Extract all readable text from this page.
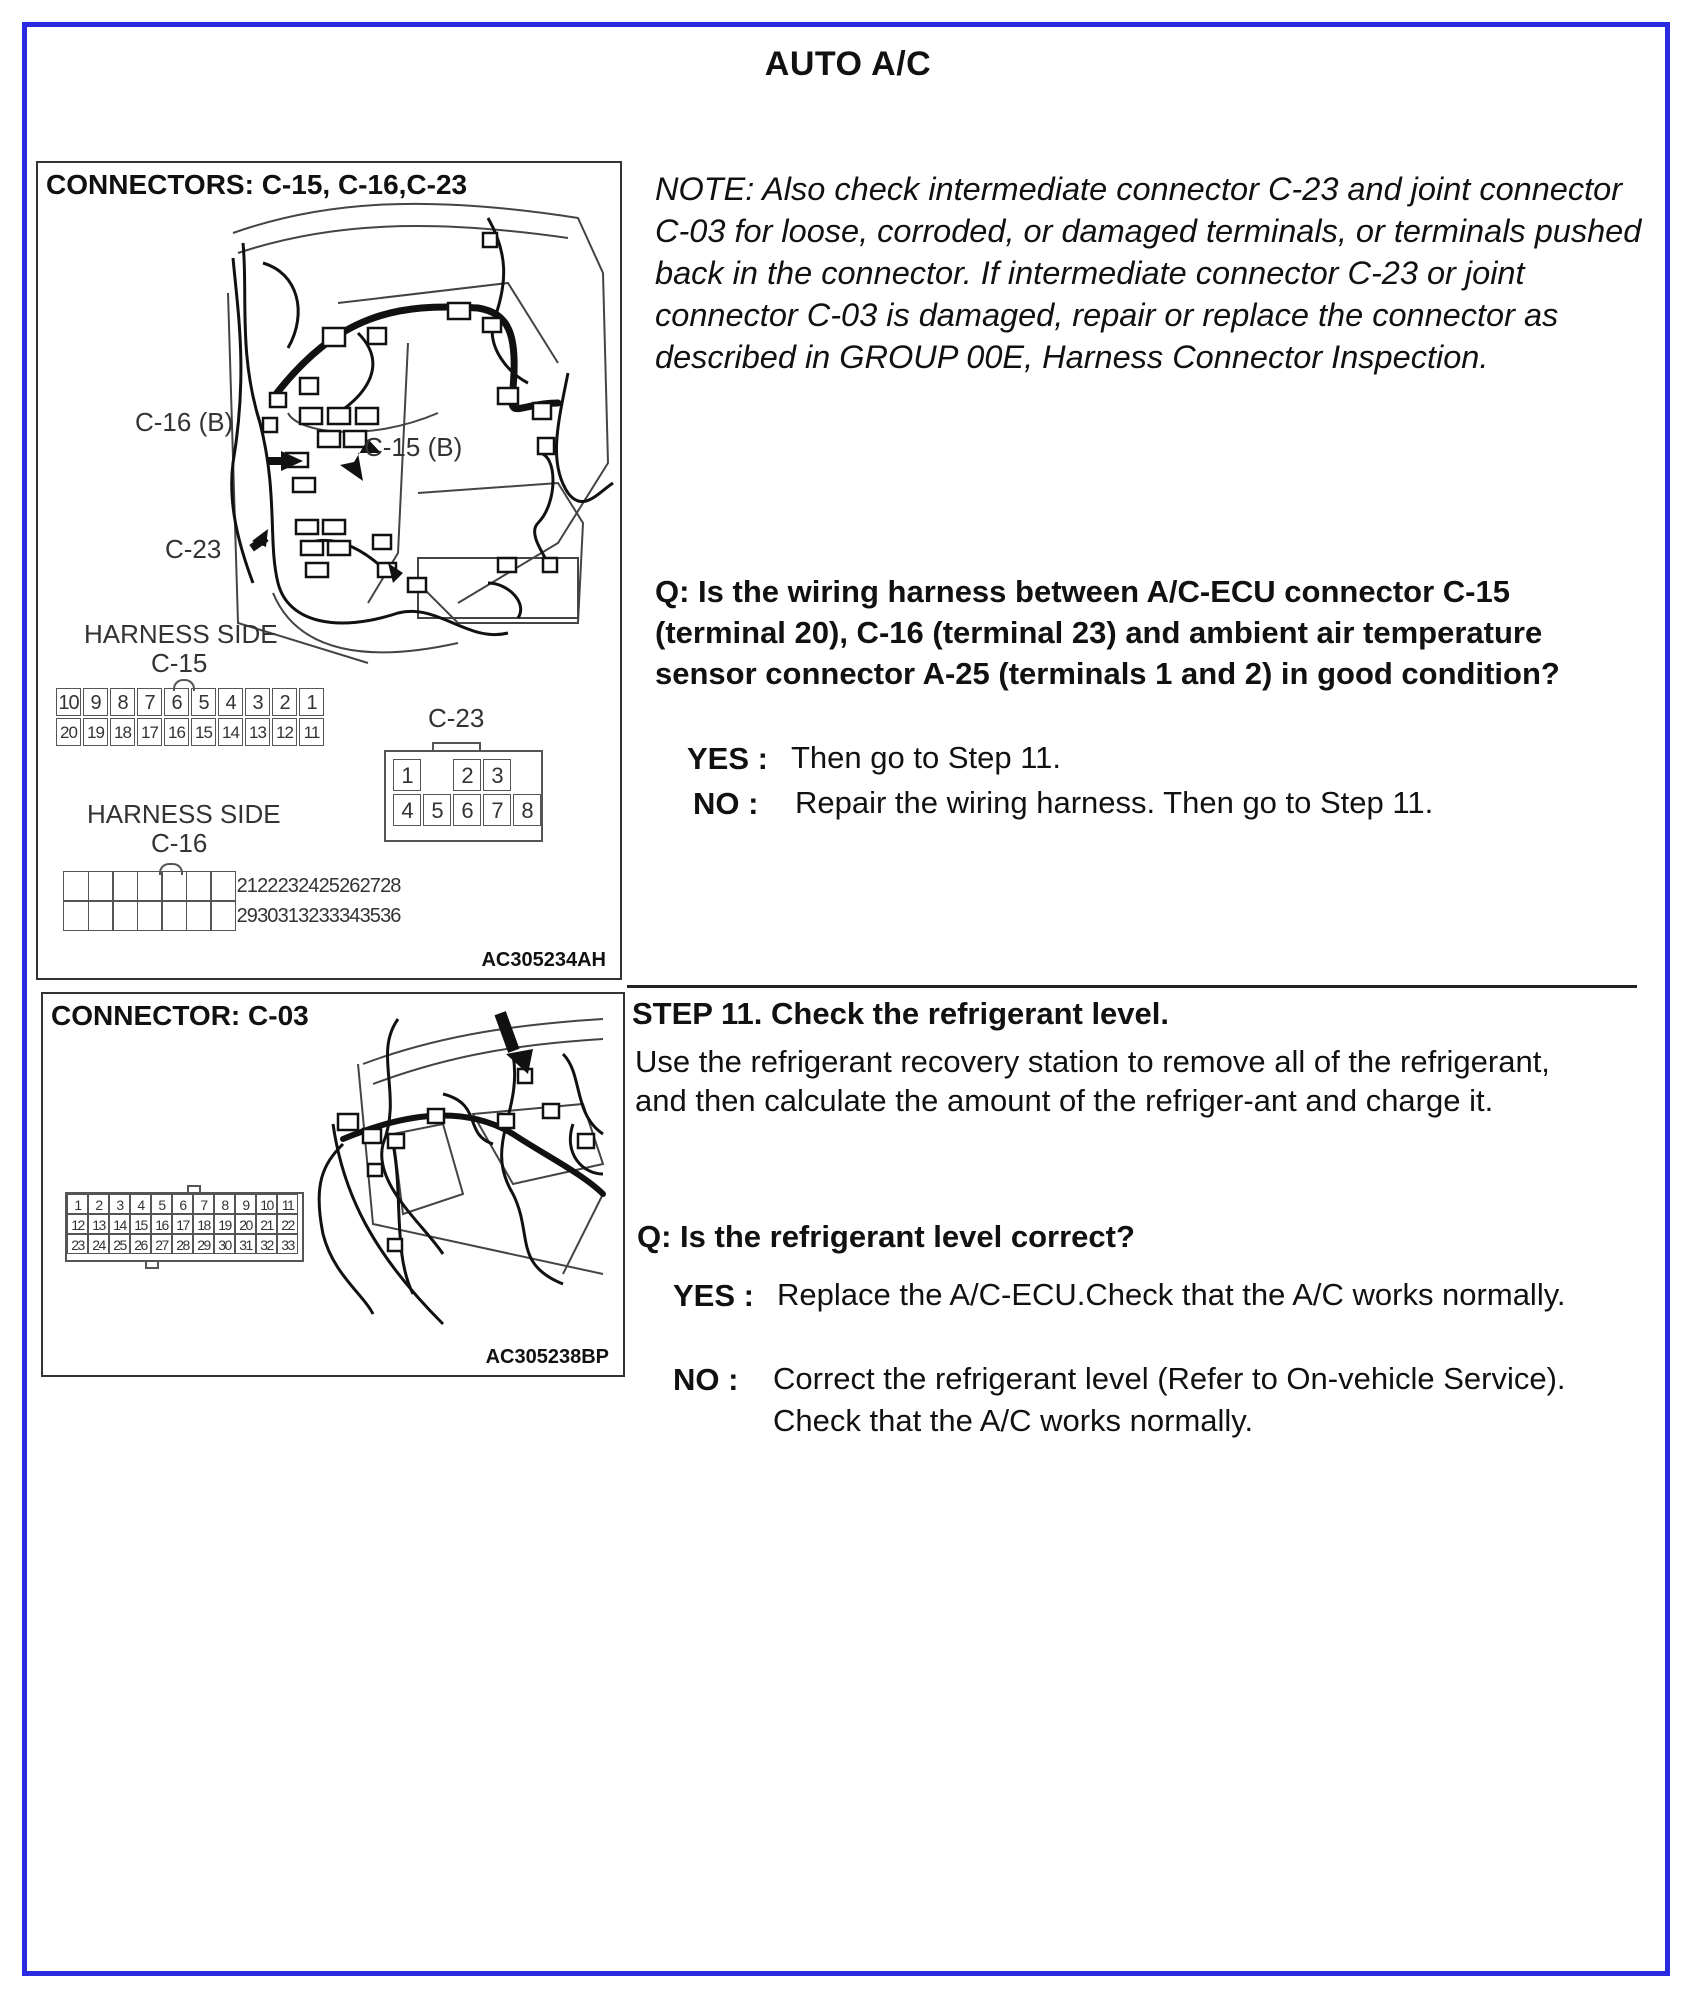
AUTO A/C
CONNECTORS: C-15, C-16,C-23
C-16 (B)
C-15 (B)
C-23
HARNESS SIDE
C-15
10 9 8 7 6 5 4 3 2 1
20 19 18 17 16 15 14 13 12 11	C-23
1	2 3
4 5 6 7 8
HARNESS SIDE
C-16
21 22 23 24 25 26 27 28
29 30 31 32 33 34 35 36
AC305234AH
NOTE: Also check intermediate connector C-23 and joint connector C-03 for loose, corroded, or damaged terminals, or terminals pushed back in the connector. If intermediate connector C-23 or joint connector C-03 is damaged, repair or replace the connector as described in GROUP 00E, Harness Connector Inspection.
Q: Is the wiring harness between A/C-ECU connector C-15 (terminal 20), C-16 (terminal 23) and ambient air temperature sensor connector A-25 (terminals 1 and 2) in good condition?
YES : Then go to Step 11.
NO : Repair the wiring harness. Then go to Step 11.
CONNECTOR: C-03
1	2	3	4	5	6	7	8	9 10 11
12 13 14 15 16 17 18 19 20 21 22
23 24 25 26 27 28 29 30 31 32 33
AC305238BP
STEP 11. Check the refrigerant level.
Use the refrigerant recovery station to remove all of the refrigerant, and then calculate the amount of the refriger-ant and charge it.
Q: Is the refrigerant level correct?
YES : Replace the A/C-ECU.Check that the A/C works normally.
NO : Correct the refrigerant level (Refer to On-vehicle Service). Check that the A/C works normally.
